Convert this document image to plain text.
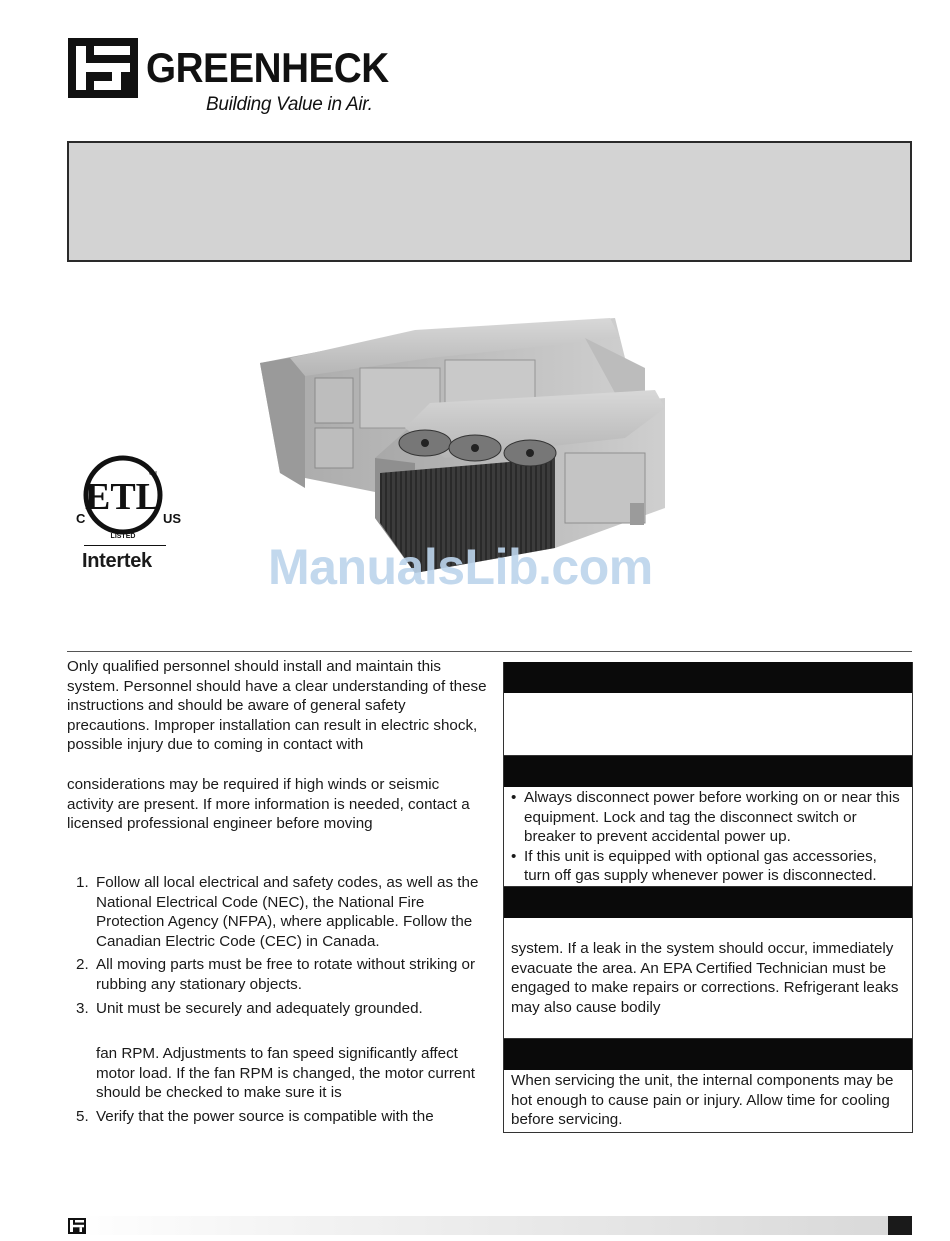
GREENHECK
Building Value in Air.
ETL
C	US
LISTED
CM
Intertek ManualsLib.com

Only qualified personnel should install and maintain this system. Personnel should have a clear understanding of these instructions and should be aware of general safety precautions. Improper installation can result in electric shock, possible injury due to coming in contact with

considerations may be required if high winds or seismic activity are present. If more information is needed, contact a licensed professional engineer before moving

1. Follow all local electrical and safety codes, as well as the National Electrical Code (NEC), the National Fire Protection Agency (NFPA), where applicable. Follow the Canadian Electric Code (CEC) in Canada.
2. All moving parts must be free to rotate without striking or rubbing any stationary objects.
3. Unit must be securely and adequately grounded.
fan RPM. Adjustments to fan speed significantly affect motor load. If the fan RPM is changed, the motor current should be checked to make sure it is
5. Verify that the power source is compatible with the
• Always disconnect power before working on or near this equipment. Lock and tag the disconnect switch or breaker to prevent accidental power up.
• If this unit is equipped with optional gas accessories, turn off gas supply whenever power is disconnected.
system. If a leak in the system should occur, immediately evacuate the area. An EPA Certified Technician must be engaged to make repairs or corrections. Refrigerant leaks may also cause bodily
When servicing the unit, the internal components may be hot enough to cause pain or injury. Allow time for cooling before servicing.
